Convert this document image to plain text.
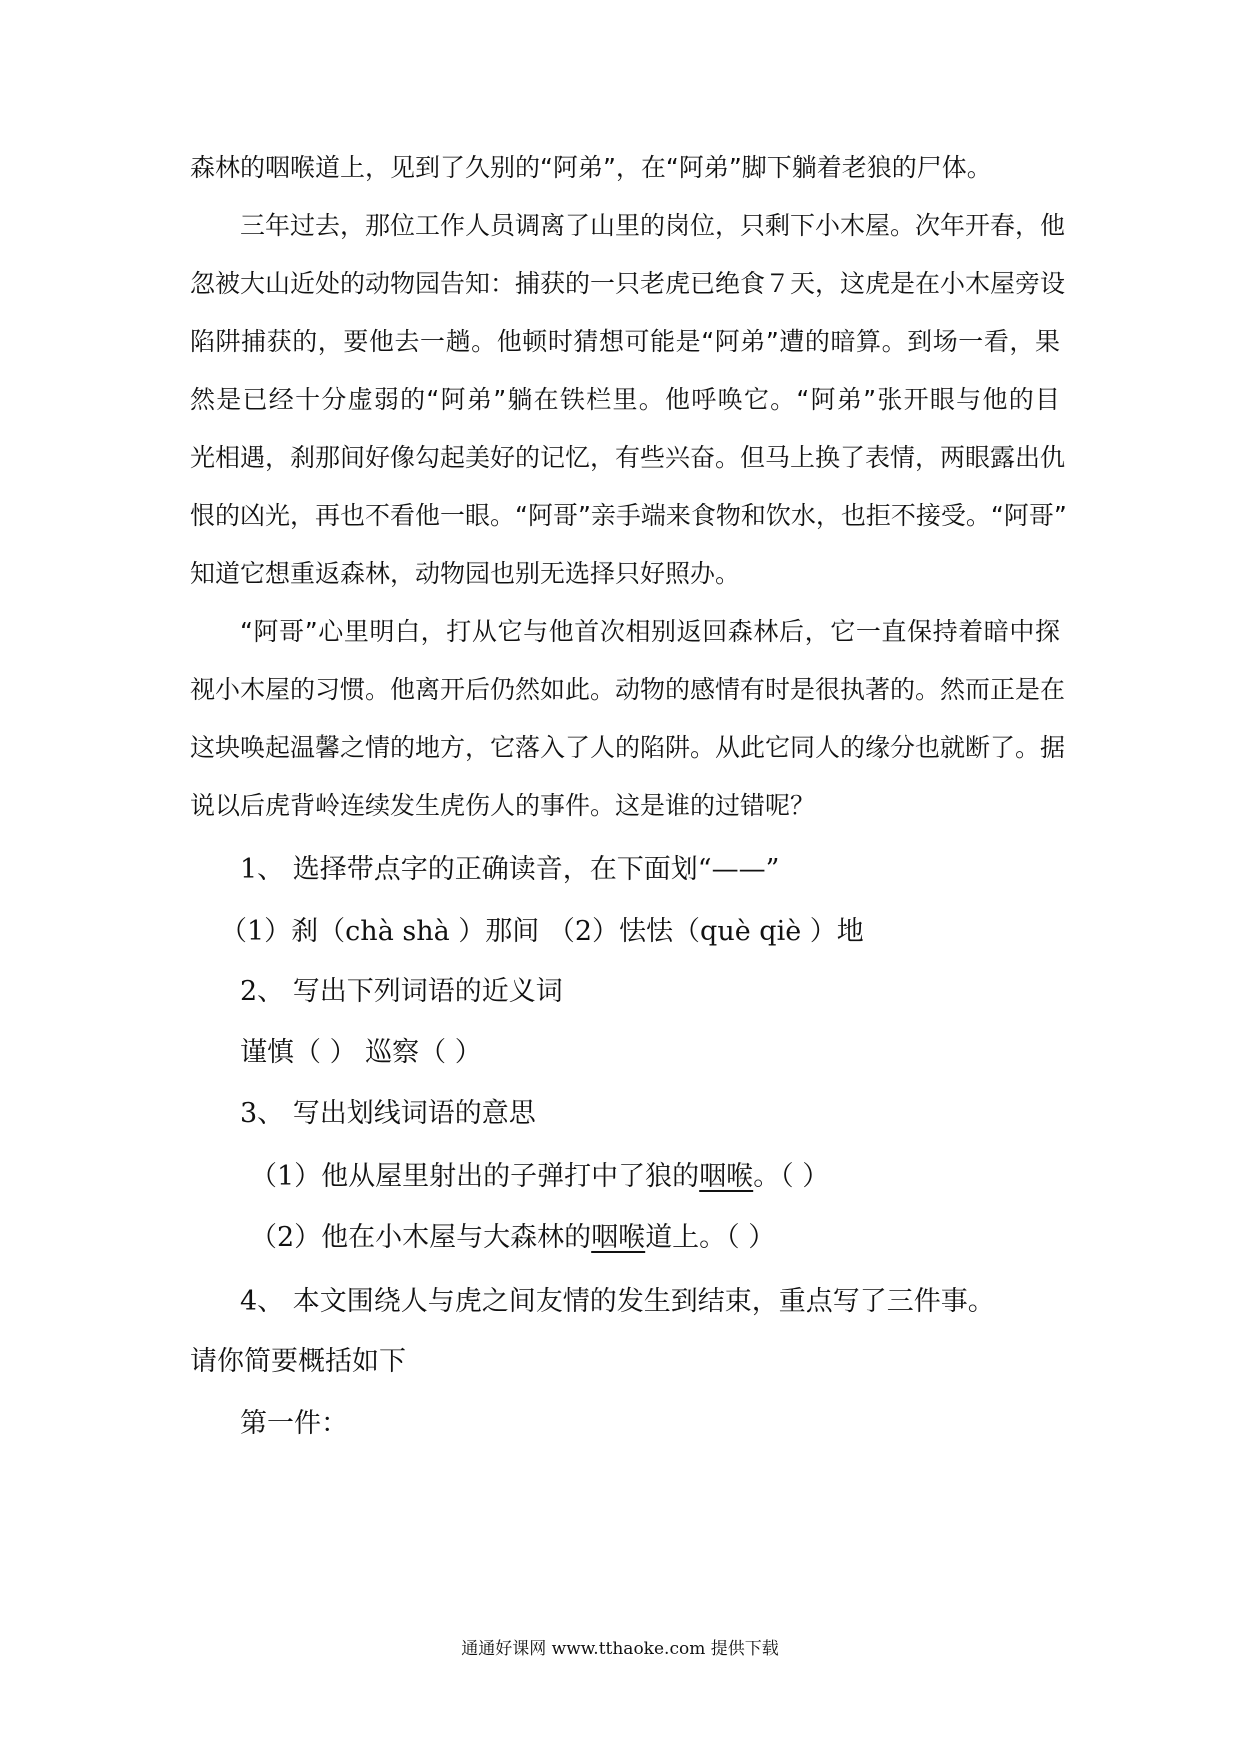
森林的咽喉道上，见到了久别的“阿弟”，在“阿弟”脚下躺着老狼的尸体。
三年过去，那位工作人员调离了山里的岗位，只剩下小木屋。次年开春，他
忽被大山近处的动物园告知：捕获的一只老虎已绝食７天，这虎是在小木屋旁设
陷阱捕获的，要他去一趟。他顿时猜想可能是“阿弟”遭的暗算。到场一看，果
然是已经十分虚弱的“阿弟”躺在铁栏里。他呼唤它。“阿弟”张开眼与他的目
光相遇，刹那间好像勾起美好的记忆，有些兴奋。但马上换了表情，两眼露出仇
恨的凶光，再也不看他一眼。“阿哥”亲手端来食物和饮水，也拒不接受。“阿哥”
知道它想重返森林，动物园也别无选择只好照办。
“阿哥”心里明白，打从它与他首次相别返回森林后，它一直保持着暗中探
视小木屋的习惯。他离开后仍然如此。动物的感情有时是很执著的。然而正是在
这块唤起温馨之情的地方，它落入了人的陷阱。从此它同人的缘分也就断了。据
说以后虎背岭连续发生虎伤人的事件。这是谁的过错呢？
1、 选择带点字的正确读音，在下面划“——”
（1）刹（chà shà ）那间 （2）怯怯（què qiè ）地
2、 写出下列词语的近义词
谨慎（ ） 巡察（ ）
3、 写出划线词语的意思
（1）他从屋里射出的子弹打中了狼的咽喉。（ ）
（2）他在小木屋与大森林的咽喉道上。（ ）
4、 本文围绕人与虎之间友情的发生到结束，重点写了三件事。
请你简要概括如下
第一件：
通通好课网 www.tthaoke.com 提供下载
